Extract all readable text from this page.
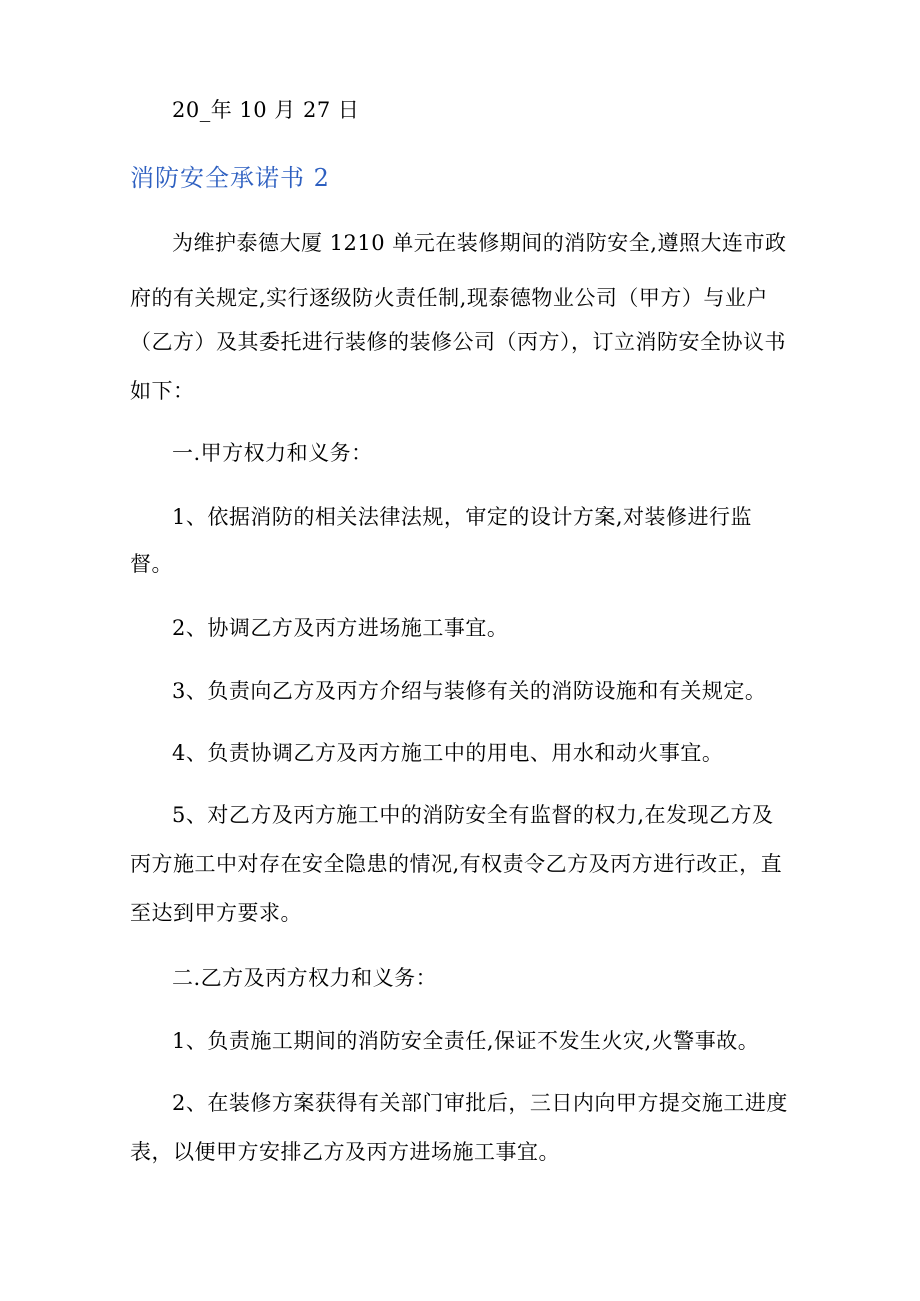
20_年 10 月 27 日
消防安全承诺书 2
为维护泰德大厦 1210 单元在装修期间的消防安全,遵照大连市政
府的有关规定,实行逐级防火责任制,现泰德物业公司（甲方）与业户
（乙方）及其委托进行装修的装修公司（丙方），订立消防安全协议书
如下：
一.甲方权力和义务：
1、依据消防的相关法律法规，审定的设计方案,对装修进行监
督。
2、协调乙方及丙方进场施工事宜。
3、负责向乙方及丙方介绍与装修有关的消防设施和有关规定。
4、负责协调乙方及丙方施工中的用电、用水和动火事宜。
5、对乙方及丙方施工中的消防安全有监督的权力,在发现乙方及
丙方施工中对存在安全隐患的情况,有权责令乙方及丙方进行改正，直
至达到甲方要求。
二.乙方及丙方权力和义务：
1、负责施工期间的消防安全责任,保证不发生火灾,火警事故。
2、在装修方案获得有关部门审批后，三日内向甲方提交施工进度
表，以便甲方安排乙方及丙方进场施工事宜。
